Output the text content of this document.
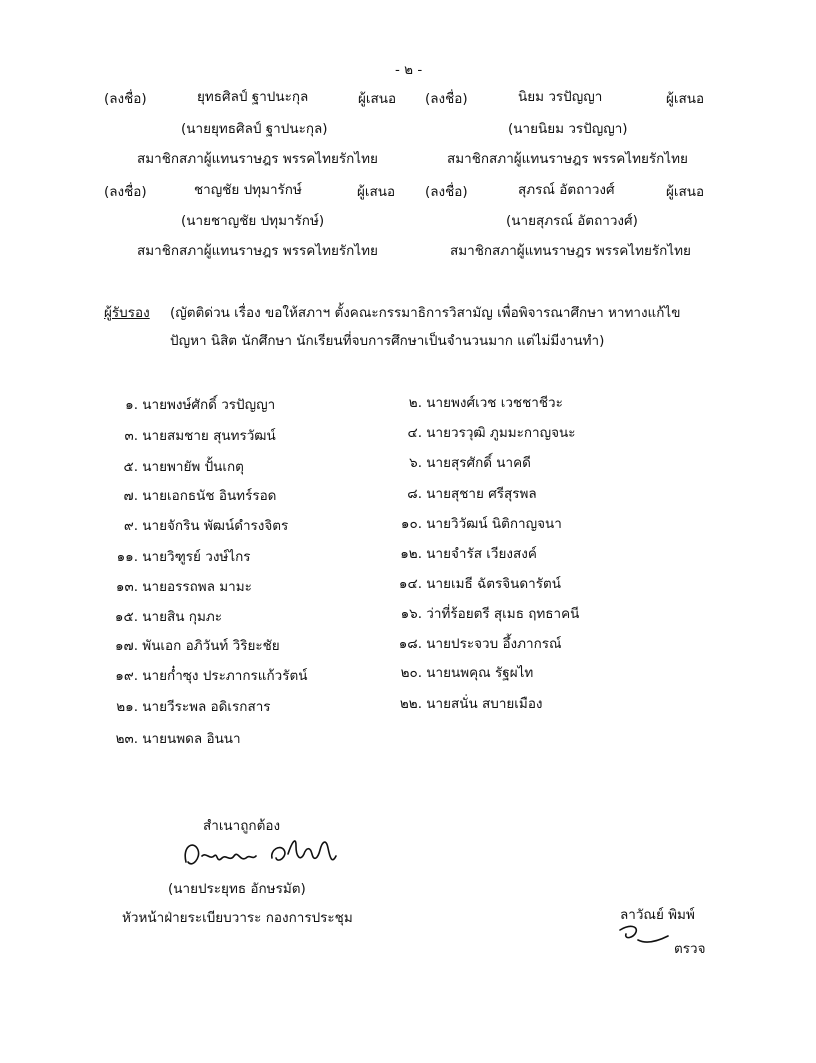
- ๒ -
(ลงชื่อ)	ยุทธศิลป์ ฐาปนะกุล	ผู้เสนอ
(นายยุทธศิลป์ ฐาปนะกุล)
สมาชิกสภาผู้แทนราษฎร พรรคไทยรักไทย
(ลงชื่อ)	นิยม วรปัญญา	ผู้เสนอ
(นายนิยม วรปัญญา)
สมาชิกสภาผู้แทนราษฎร พรรคไทยรักไทย
(ลงชื่อ)	ชาญชัย ปทุมารักษ์	ผู้เสนอ
(นายชาญชัย ปทุมารักษ์)
สมาชิกสภาผู้แทนราษฎร พรรคไทยรักไทย
(ลงชื่อ)	สุภรณ์ อัตถาวงศ์	ผู้เสนอ
(นายสุภรณ์ อัตถาวงศ์)
สมาชิกสภาผู้แทนราษฎร พรรคไทยรักไทย
ผู้รับรอง (ญัตติด่วน เรื่อง ขอให้สภาฯ ตั้งคณะกรรมาธิการวิสามัญ เพื่อพิจารณาศึกษา หาทางแก้ไข
ปัญหา นิสิต นักศึกษา นักเรียนที่จบการศึกษาเป็นจำนวนมาก แต่ไม่มีงานทำ)
๑. นายพงษ์ศักดิ์ วรปัญญา
๓. นายสมชาย สุนทรวัฒน์
๕. นายพายัพ ปั้นเกตุ
๗. นายเอกธนัช อินทร์รอด
๙. นายจักริน พัฒน์ดำรงจิตร
๑๑. นายวิฑูรย์ วงษ์ไกร
๑๓. นายอรรถพล มามะ
๑๕. นายสิน กุมภะ
๑๗. พันเอก อภิวันท์ วิริยะชัย
๑๙. นายก๋ำซุง ประภากรแก้วรัตน์
๒๑. นายวีระพล อดิเรกสาร
๒๓. นายนพดล อินนา
๒. นายพงศ์เวช เวชชาชีวะ
๔. นายวรวุฒิ ภูมมะกาญจนะ
๖. นายสุรศักดิ์ นาคดี
๘. นายสุชาย ศรีสุรพล
๑๐. นายวิวัฒน์ นิติกาญจนา
๑๒. นายจำรัส เวียงสงค์
๑๔. นายเมธี ฉัตรจินดารัตน์
๑๖. ว่าที่ร้อยตรี สุเมธ ฤทธาคนี
๑๘. นายประจวบ อึ้งภากรณ์
๒๐. นายนพคุณ รัฐผไท
๒๒. นายสนั่น สบายเมือง
สำเนาถูกต้อง
(นายประยุทธ อักษรมัต)
หัวหน้าฝ่ายระเบียบวาระ กองการประชุม	ลาวัณย์ พิมพ์
ตรวจ
